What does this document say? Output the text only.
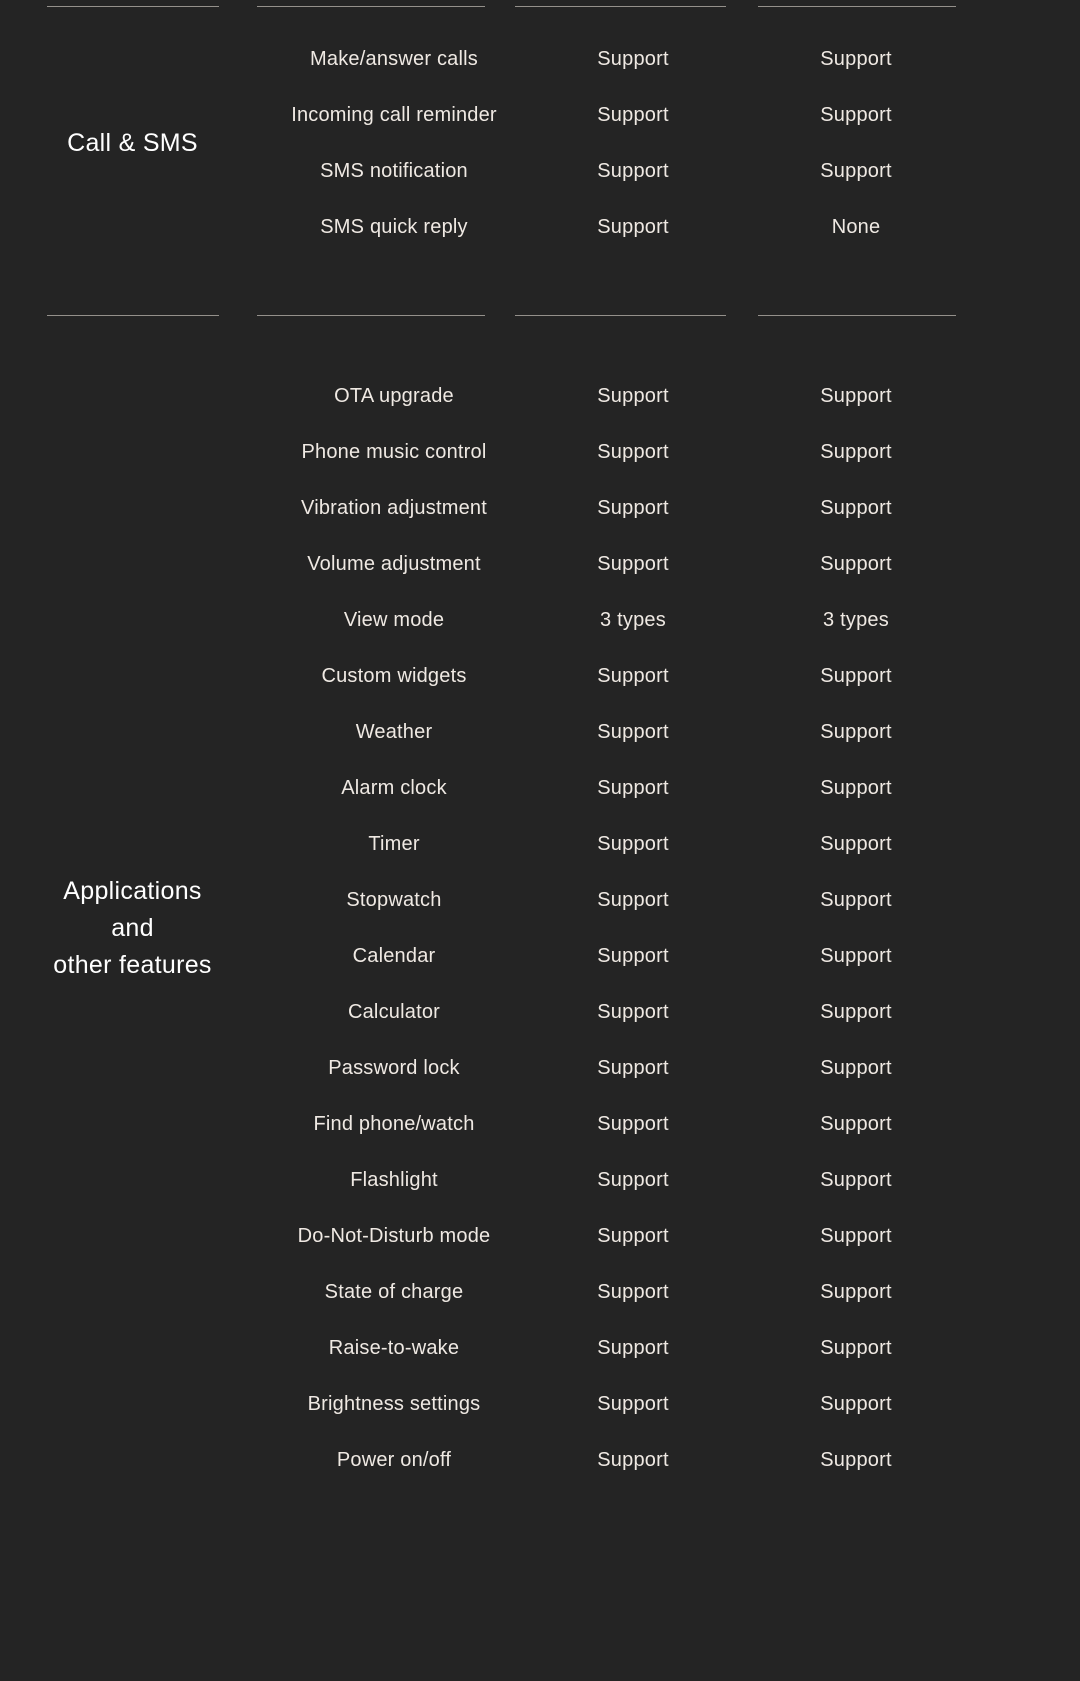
Call & SMS
Make/answer calls	Support	Support
Incoming call reminder	Support	Support
SMS notification	Support	Support
SMS quick reply	Support	None
Applications
and
other features
OTA upgrade	Support	Support
Phone music control	Support	Support
Vibration adjustment	Support	Support
Volume adjustment	Support	Support
View mode	3 types	3 types
Custom widgets	Support	Support
Weather	Support	Support
Alarm clock	Support	Support
Timer	Support	Support
Stopwatch	Support	Support
Calendar	Support	Support
Calculator	Support	Support
Password lock	Support	Support
Find phone/watch	Support	Support
Flashlight	Support	Support
Do-Not-Disturb mode	Support	Support
State of charge	Support	Support
Raise-to-wake	Support	Support
Brightness settings	Support	Support
Power on/off	Support	Support
